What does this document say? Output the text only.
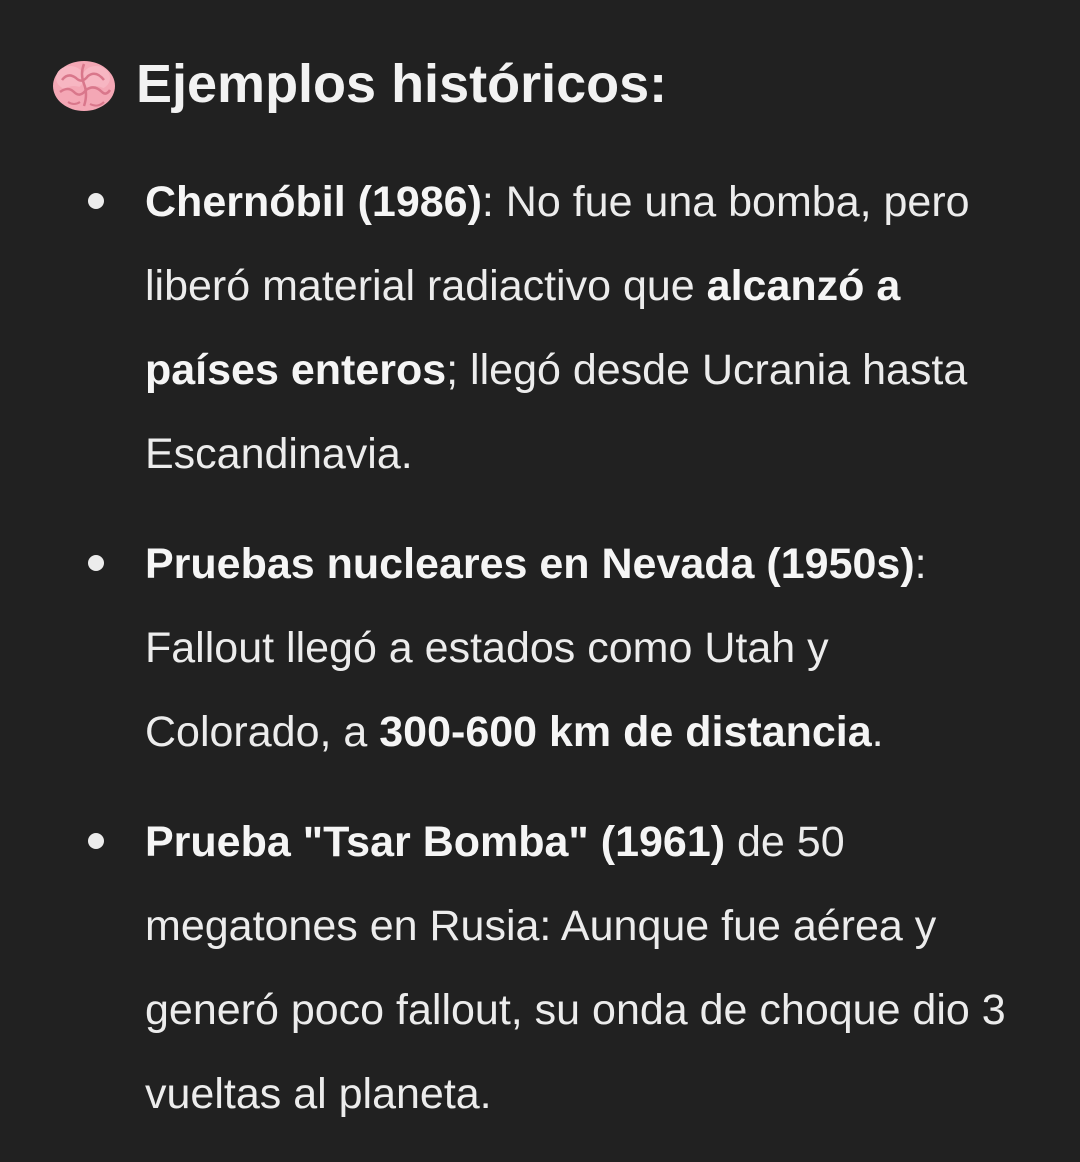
Ejemplos históricos:
Chernóbil (1986): No fue una bomba, pero liberó material radiactivo que alcanzó a países enteros; llegó desde Ucrania hasta Escandinavia.
Pruebas nucleares en Nevada (1950s): Fallout llegó a estados como Utah y Colorado, a 300-600 km de distancia.
Prueba "Tsar Bomba" (1961) de 50 megatones en Rusia: Aunque fue aérea y generó poco fallout, su onda de choque dio 3 vueltas al planeta.
